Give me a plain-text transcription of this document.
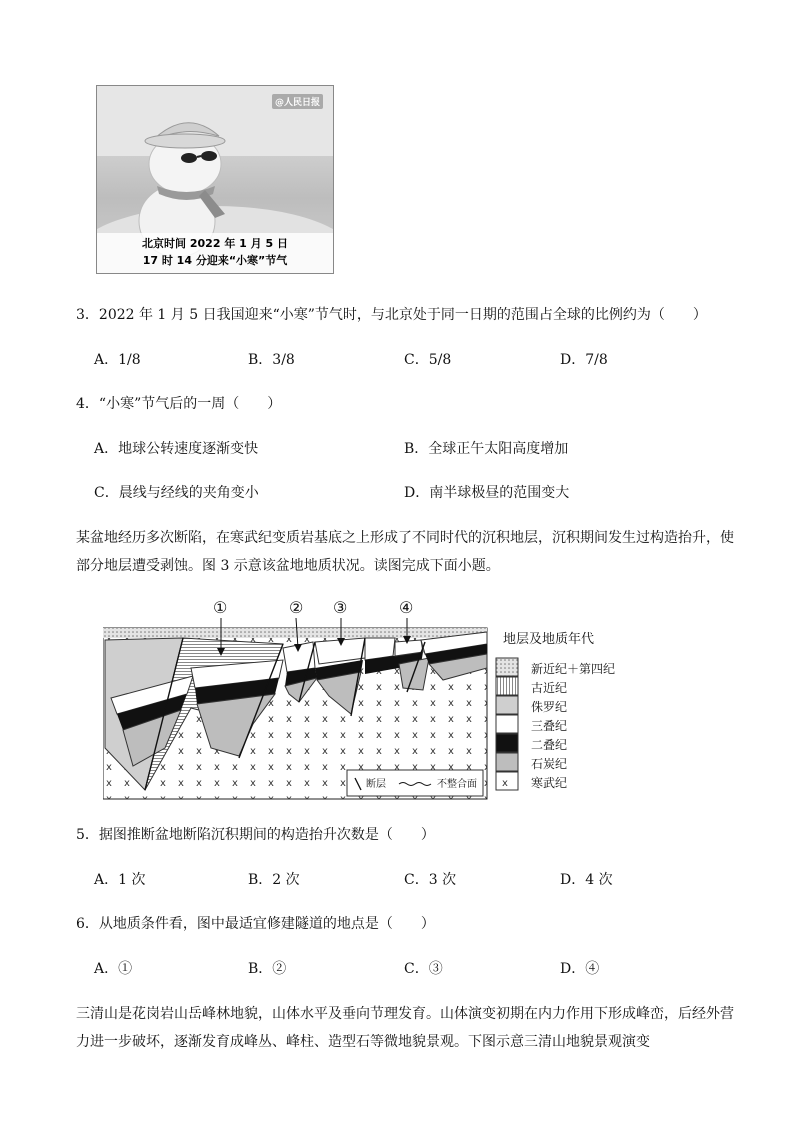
@人民日报
北京时间 2022 年 1 月 5 日
17 时 14 分迎来“小寒”节气
3．2022 年 1 月 5 日我国迎来“小寒”节气时，与北京处于同一日期的范围占全球的比例约为（　　）
A．1/8	B．3/8	C．5/8	D．7/8
4．“小寒”节气后的一周（　　）
A．地球公转速度逐渐变快	B．全球正午太阳高度增加
C．晨线与经线的夹角变小	D．南半球极昼的范围变大
某盆地经历多次断陷，在寒武纪变质岩基底之上形成了不同时代的沉积地层，沉积期间发生过构造抬升，使部分地层遭受剥蚀。图 3 示意该盆地地质状况。读图完成下面小题。
①	② ③	④
断层	不整合面
地层及地质年代
新近纪＋第四纪
古近纪
侏罗纪
三叠纪
二叠纪
石炭纪
寒武纪
5．据图推断盆地断陷沉积期间的构造抬升次数是（　　）
A．1 次	B．2 次	C．3 次	D．4 次
6．从地质条件看，图中最适宜修建隧道的地点是（　　）
A．①	B．②	C．③	D．④
三清山是花岗岩山岳峰林地貌，山体水平及垂向节理发育。山体演变初期在内力作用下形成峰峦，后经外营力进一步破坏，逐渐发育成峰丛、峰柱、造型石等微地貌景观。下图示意三清山地貌景观演变
